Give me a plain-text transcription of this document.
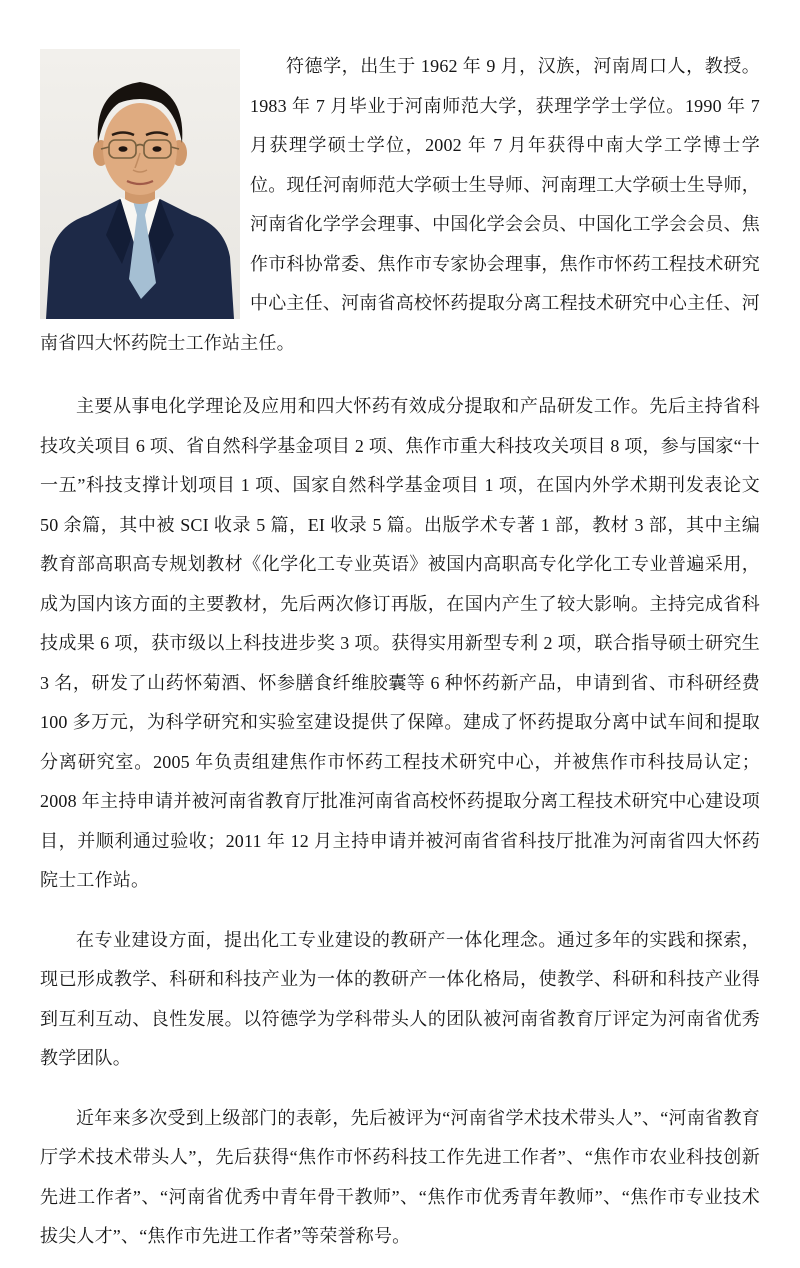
符德学，出生于 1962 年 9 月，汉族，河南周口人，教授。1983 年 7 月毕业于河南师范大学，获理学学士学位。1990 年 7 月获理学硕士学位，2002 年 7 月年获得中南大学工学博士学位。现任河南师范大学硕士生导师、河南理工大学硕士生导师，河南省化学学会理事、中国化学会会员、中国化工学会会员、焦作市科协常委、焦作市专家协会理事，焦作市怀药工程技术研究中心主任、河南省高校怀药提取分离工程技术研究中心主任、河南省四大怀药院士工作站主任。

主要从事电化学理论及应用和四大怀药有效成分提取和产品研发工作。先后主持省科技攻关项目 6 项、省自然科学基金项目 2 项、焦作市重大科技攻关项目 8 项，参与国家“十一五”科技支撑计划项目 1 项、国家自然科学基金项目 1 项，在国内外学术期刊发表论文 50 余篇，其中被 SCI 收录 5 篇，EI 收录 5 篇。出版学术专著 1 部，教材 3 部，其中主编教育部高职高专规划教材《化学化工专业英语》被国内高职高专化学化工专业普遍采用，成为国内该方面的主要教材，先后两次修订再版，在国内产生了较大影响。主持完成省科技成果 6 项，获市级以上科技进步奖 3 项。获得实用新型专利 2 项，联合指导硕士研究生 3 名，研发了山药怀菊酒、怀参膳食纤维胶囊等 6 种怀药新产品，申请到省、市科研经费 100 多万元，为科学研究和实验室建设提供了保障。建成了怀药提取分离中试车间和提取分离研究室。2005 年负责组建焦作市怀药工程技术研究中心，并被焦作市科技局认定；2008 年主持申请并被河南省教育厅批准河南省高校怀药提取分离工程技术研究中心建设项目，并顺利通过验收；2011 年 12 月主持申请并被河南省省科技厅批准为河南省四大怀药院士工作站。

在专业建设方面，提出化工专业建设的教研产一体化理念。通过多年的实践和探索，现已形成教学、科研和科技产业为一体的教研产一体化格局，使教学、科研和科技产业得到互利互动、良性发展。以符德学为学科带头人的团队被河南省教育厅评定为河南省优秀教学团队。

近年来多次受到上级部门的表彰，先后被评为“河南省学术技术带头人”、“河南省教育厅学术技术带头人”，先后获得“焦作市怀药科技工作先进工作者”、“焦作市农业科技创新先进工作者”、“河南省优秀中青年骨干教师”、“焦作市优秀青年教师”、“焦作市专业技术拔尖人才”、“焦作市先进工作者”等荣誉称号。
